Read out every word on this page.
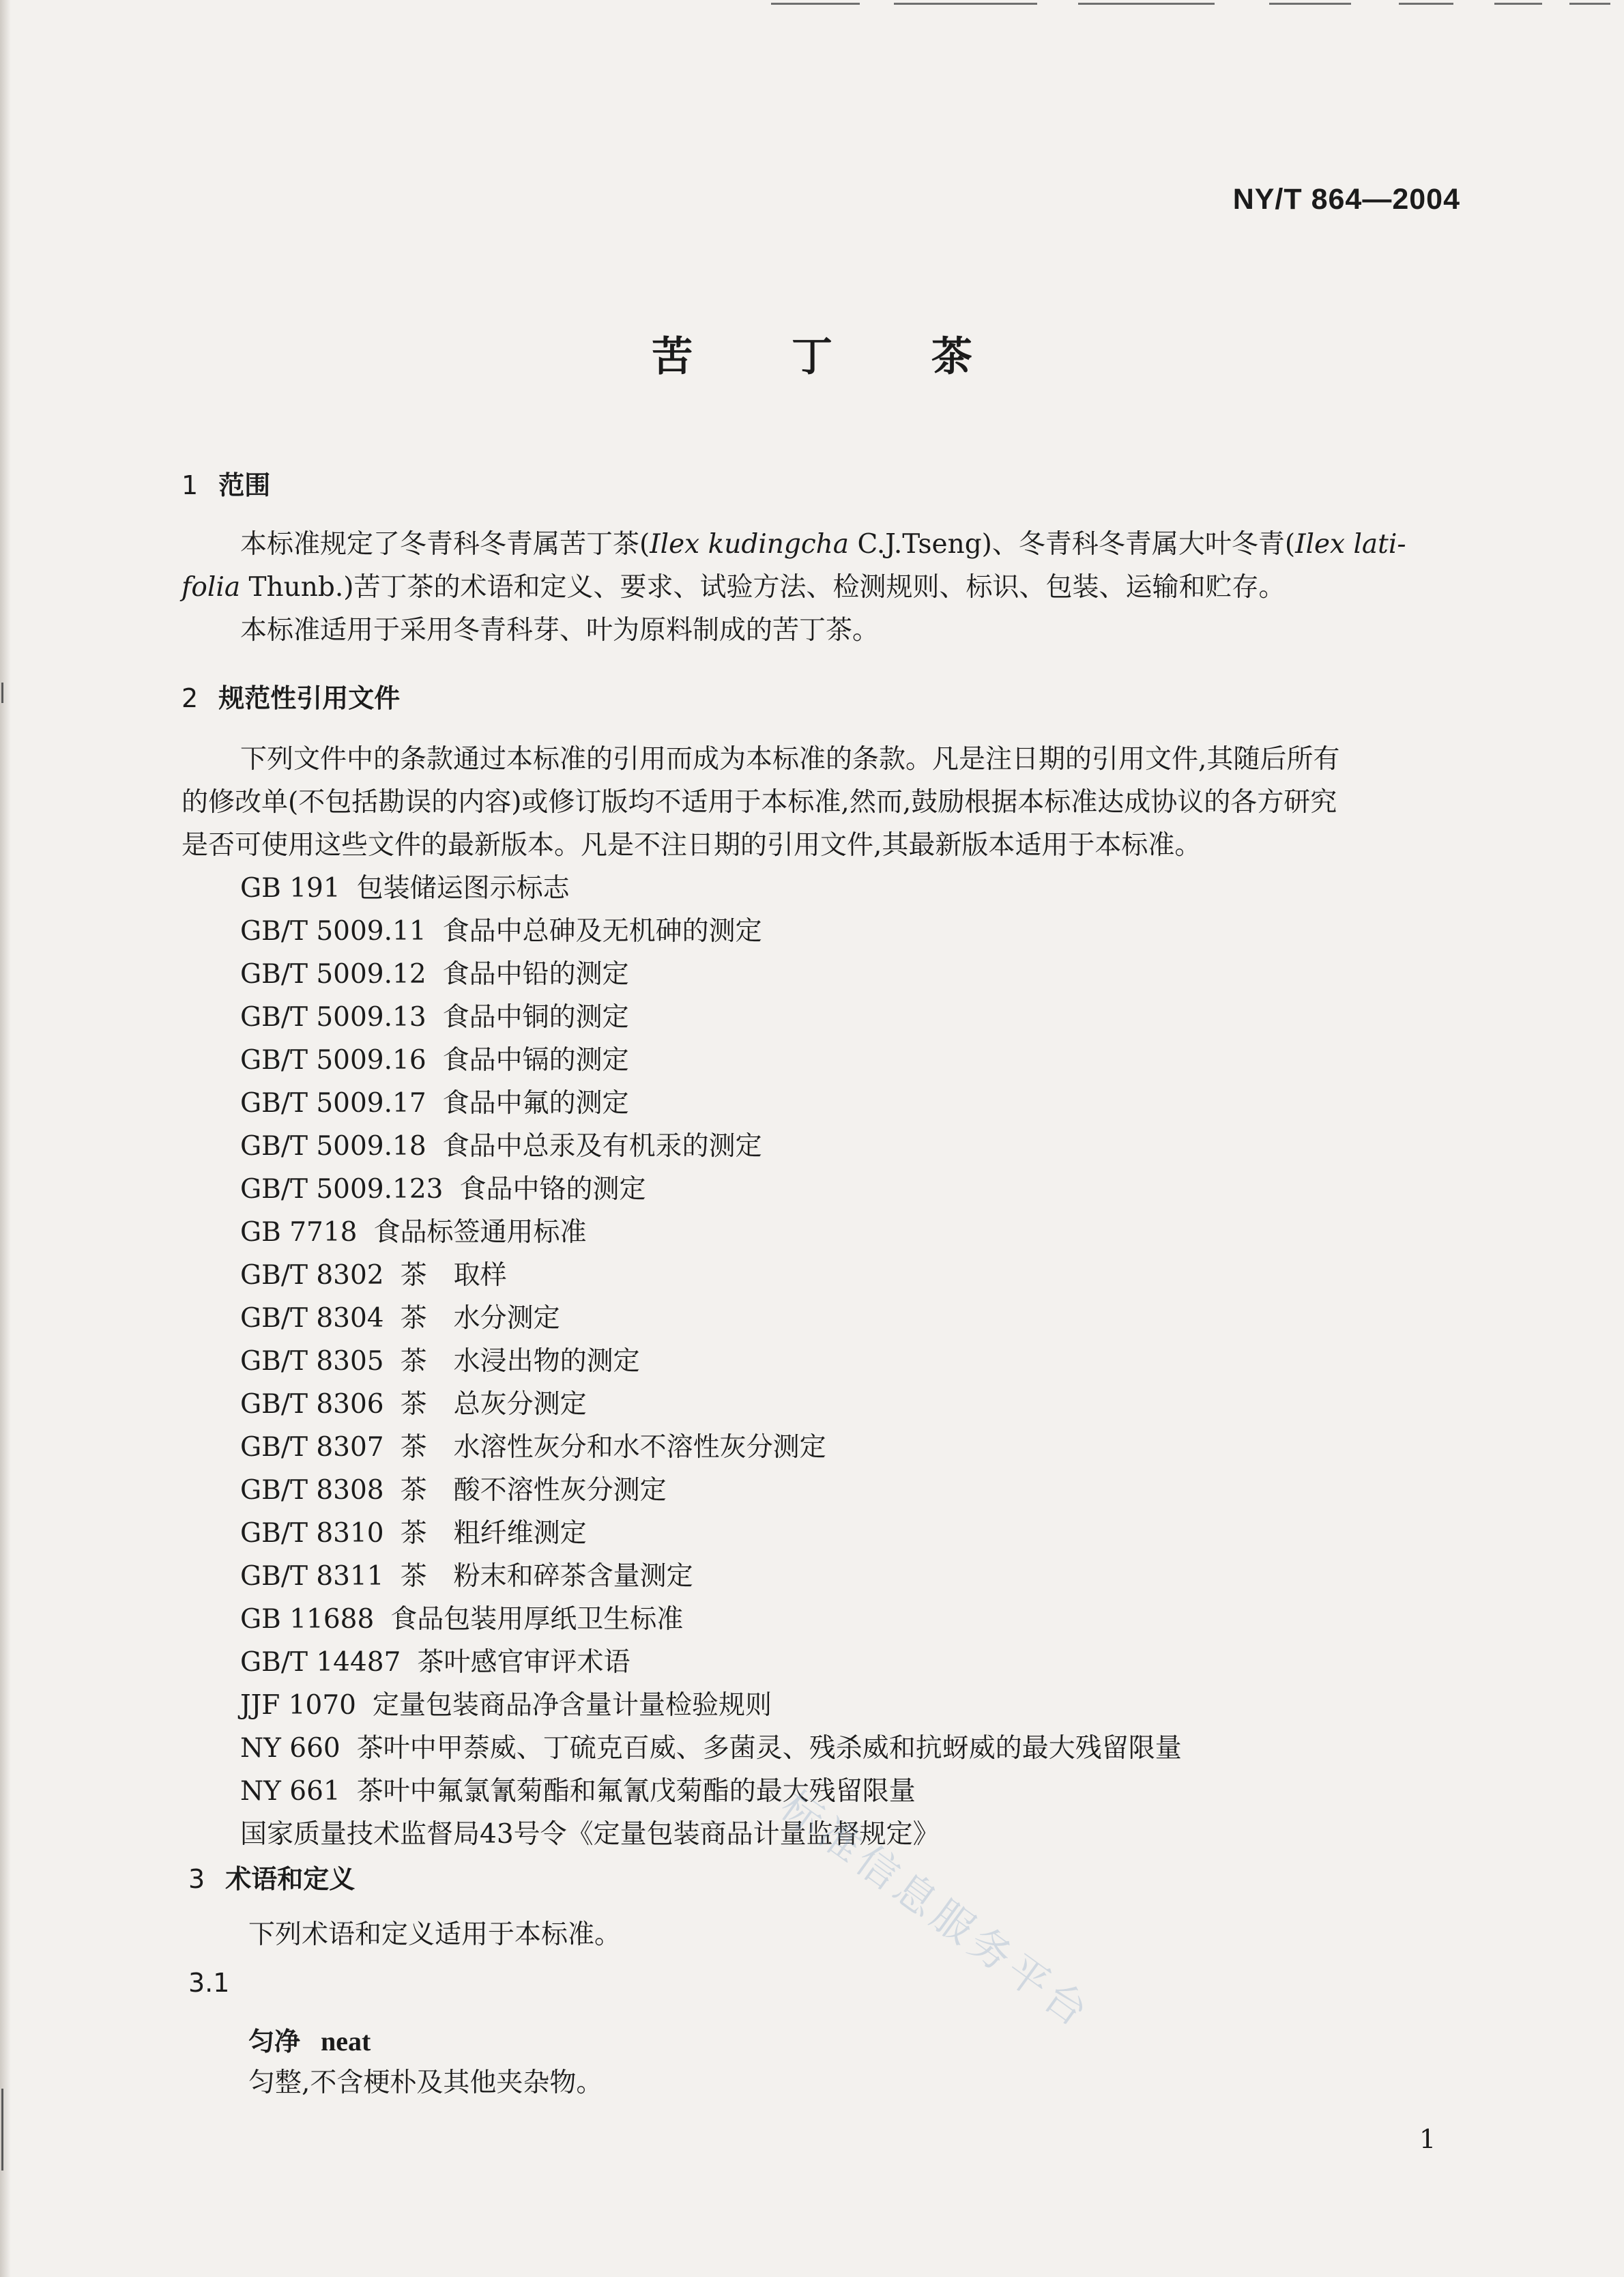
NY/T 864—2004
苦 丁 茶
1 范围
本标准规定了冬青科冬青属苦丁茶(Ilex kudingcha C.J.Tseng)、冬青科冬青属大叶冬青(Ilex lati-
folia Thunb.)苦丁茶的术语和定义、要求、试验方法、检测规则、标识、包装、运输和贮存。
本标准适用于采用冬青科芽、叶为原料制成的苦丁茶。
2 规范性引用文件
下列文件中的条款通过本标准的引用而成为本标准的条款。凡是注日期的引用文件,其随后所有
的修改单(不包括勘误的内容)或修订版均不适用于本标准,然而,鼓励根据本标准达成协议的各方研究
是否可使用这些文件的最新版本。凡是不注日期的引用文件,其最新版本适用于本标准。
GB 191 包装储运图示标志
GB/T 5009.11 食品中总砷及无机砷的测定
GB/T 5009.12 食品中铅的测定
GB/T 5009.13 食品中铜的测定
GB/T 5009.16 食品中镉的测定
GB/T 5009.17 食品中氟的测定
GB/T 5009.18 食品中总汞及有机汞的测定
GB/T 5009.123 食品中铬的测定
GB 7718 食品标签通用标准
GB/T 8302 茶　取样
GB/T 8304 茶　水分测定
GB/T 8305 茶　水浸出物的测定
GB/T 8306 茶　总灰分测定
GB/T 8307 茶　水溶性灰分和水不溶性灰分测定
GB/T 8308 茶　酸不溶性灰分测定
GB/T 8310 茶　粗纤维测定
GB/T 8311 茶　粉末和碎茶含量测定
GB 11688 食品包装用厚纸卫生标准
GB/T 14487 茶叶感官审评术语
JJF 1070 定量包装商品净含量计量检验规则
NY 660 茶叶中甲萘威、丁硫克百威、多菌灵、残杀威和抗蚜威的最大残留限量
NY 661 茶叶中氟氯氰菊酯和氟氰戊菊酯的最大残留限量
国家质量技术监督局43号令《定量包装商品计量监督规定》
3 术语和定义
下列术语和定义适用于本标准。
3.1
匀净 neat
匀整,不含梗朴及其他夹杂物。
标准信息服务平台
1
